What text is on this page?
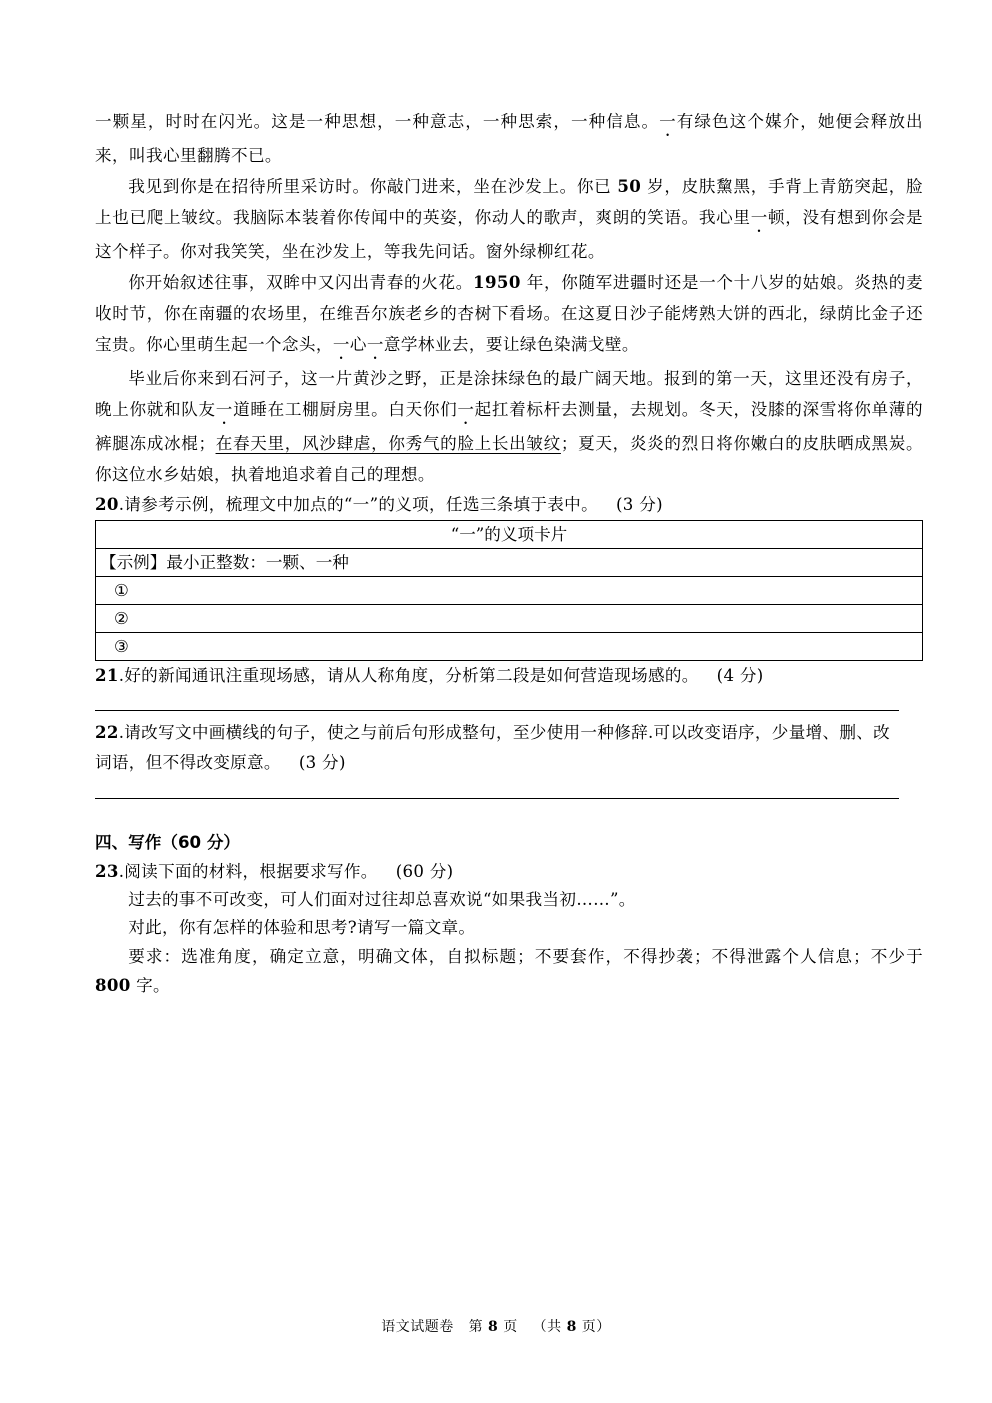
一颗星，时时在闪光。这是一种思想，一种意志，一种思索，一种信息。一有绿色这个媒介，她便会释放出来，叫我心里翻腾不已。

我见到你是在招待所里采访时。你敲门进来，坐在沙发上。你已 50 岁，皮肤黧黑，手背上青筋突起，脸上也已爬上皱纹。我脑际本装着你传闻中的英姿，你动人的歌声，爽朗的笑语。我心里一顿，没有想到你会是这个样子。你对我笑笑，坐在沙发上，等我先问话。窗外绿柳红花。

你开始叙述往事，双眸中又闪出青春的火花。1950 年，你随军进疆时还是一个十八岁的姑娘。炎热的麦收时节，你在南疆的农场里，在维吾尔族老乡的杏树下看场。在这夏日沙子能烤熟大饼的西北，绿荫比金子还宝贵。你心里萌生起一个念头，一心一意学林业去，要让绿色染满戈壁。

毕业后你来到石河子，这一片黄沙之野，正是涂抹绿色的最广阔天地。报到的第一天，这里还没有房子，晚上你就和队友一道睡在工棚厨房里。白天你们一起扛着标杆去测量，去规划。冬天，没膝的深雪将你单薄的裤腿冻成冰棍；在春天里，风沙肆虐，你秀气的脸上长出皱纹；夏天，炎炎的烈日将你嫩白的皮肤晒成黑炭。你这位水乡姑娘，执着地追求着自己的理想。

20.请参考示例，梳理文中加点的“一”的义项，任选三条填于表中。 (3 分)

“一”的义项卡片
【示例】最小正整数：一颗、一种
①
②
③

21.好的新闻通讯注重现场感，请从人称角度，分析第二段是如何营造现场感的。 (4 分)

22.请改写文中画横线的句子，使之与前后句形成整句，至少使用一种修辞.可以改变语序，少量增、删、改词语，但不得改变原意。 (3 分)

四、写作（60 分）

23.阅读下面的材料，根据要求写作。 (60 分)

过去的事不可改变，可人们面对过往却总喜欢说“如果我当初……”。

对此，你有怎样的体验和思考?请写一篇文章。

要求：选准角度，确定立意，明确文体，自拟标题；不要套作，不得抄袭；不得泄露个人信息；不少于 800 字。

语文试题卷 第 8 页 （共 8 页）
